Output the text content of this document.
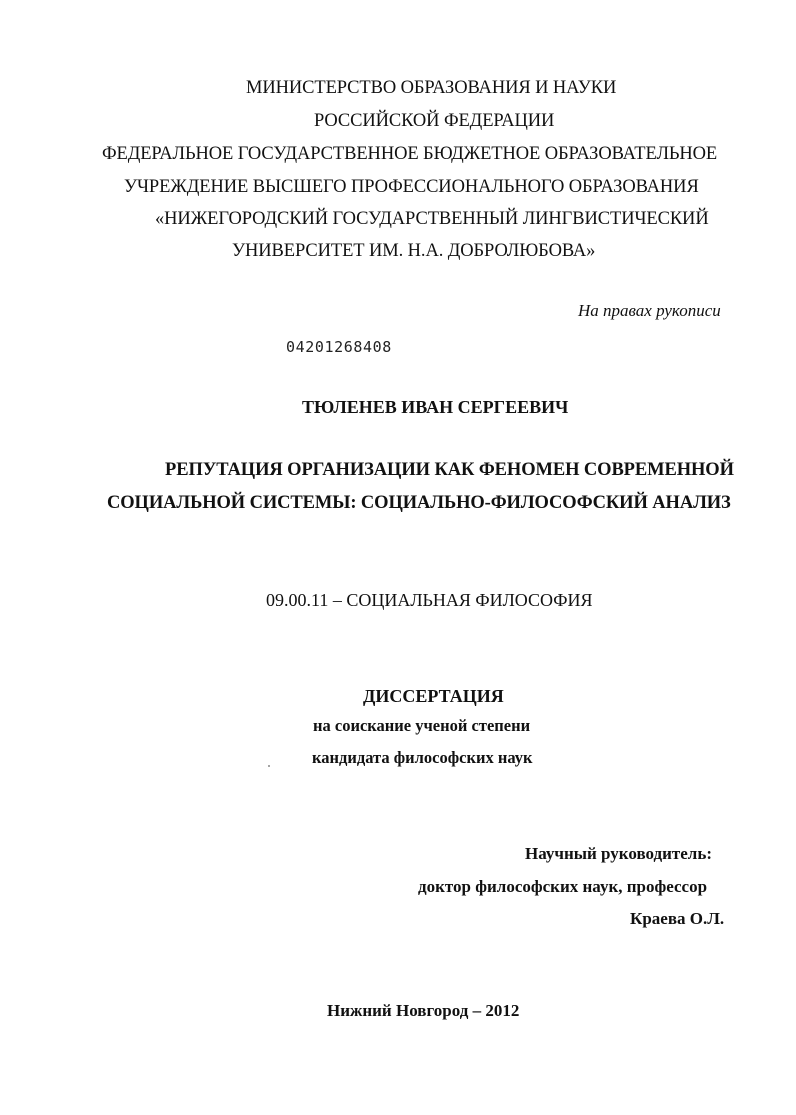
МИНИСТЕРСТВО ОБРАЗОВАНИЯ И НАУКИ

РОССИЙСКОЙ ФЕДЕРАЦИИ

ФЕДЕРАЛЬНОЕ ГОСУДАРСТВЕННОЕ БЮДЖЕТНОЕ ОБРАЗОВАТЕЛЬНОЕ

УЧРЕЖДЕНИЕ ВЫСШЕГО ПРОФЕССИОНАЛЬНОГО ОБРАЗОВАНИЯ

«НИЖЕГОРОДСКИЙ ГОСУДАРСТВЕННЫЙ ЛИНГВИСТИЧЕСКИЙ

УНИВЕРСИТЕТ ИМ. Н.А. ДОБРОЛЮБОВА»

На правах рукописи

04201268408

ТЮЛЕНЕВ ИВАН СЕРГЕЕВИЧ

РЕПУТАЦИЯ ОРГАНИЗАЦИИ КАК ФЕНОМЕН СОВРЕМЕННОЙ

СОЦИАЛЬНОЙ СИСТЕМЫ: СОЦИАЛЬНО-ФИЛОСОФСКИЙ АНАЛИЗ

09.00.11 – СОЦИАЛЬНАЯ ФИЛОСОФИЯ

ДИССЕРТАЦИЯ

на соискание ученой степени

кандидата философских наук

Научный руководитель:

доктор философских наук, профессор

Краева О.Л.

Нижний Новгород – 2012
